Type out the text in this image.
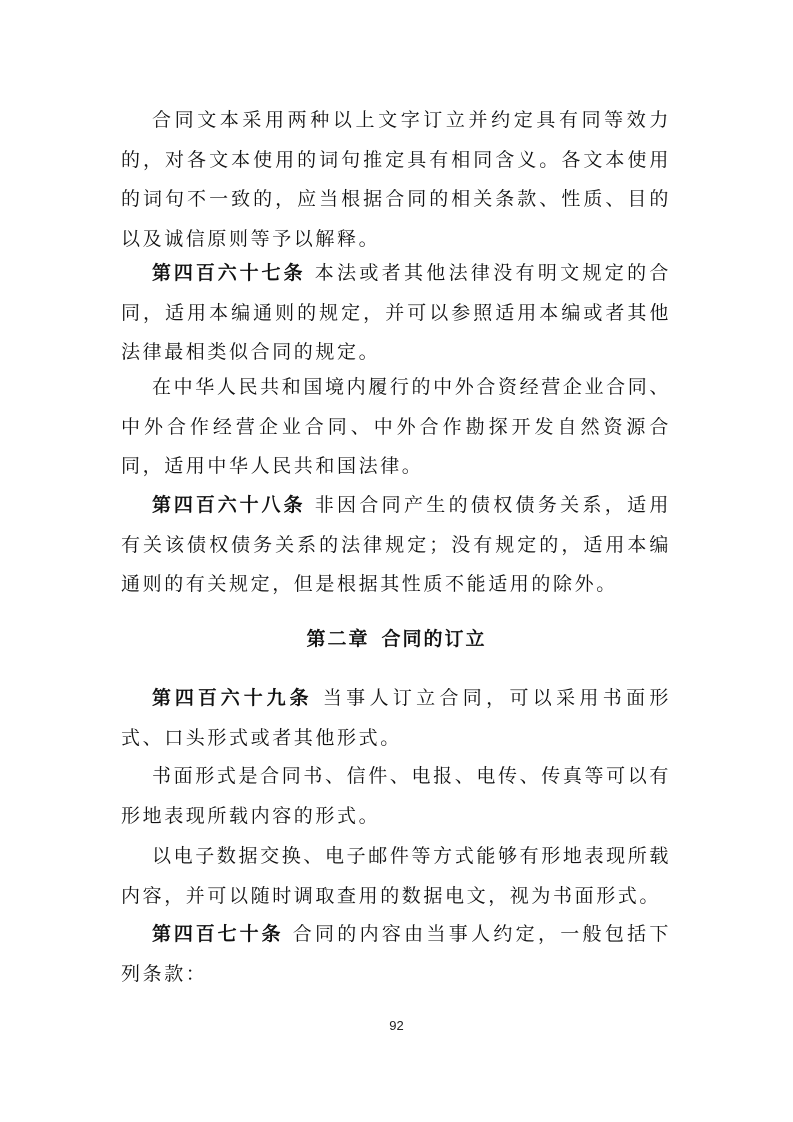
合同文本采用两种以上文字订立并约定具有同等效力的，对各文本使用的词句推定具有相同含义。各文本使用的词句不一致的，应当根据合同的相关条款、性质、目的以及诚信原则等予以解释。

第四百六十七条 本法或者其他法律没有明文规定的合同，适用本编通则的规定，并可以参照适用本编或者其他法律最相类似合同的规定。

在中华人民共和国境内履行的中外合资经营企业合同、中外合作经营企业合同、中外合作勘探开发自然资源合同，适用中华人民共和国法律。

第四百六十八条 非因合同产生的债权债务关系，适用有关该债权债务关系的法律规定；没有规定的，适用本编通则的有关规定，但是根据其性质不能适用的除外。

第二章 合同的订立

第四百六十九条 当事人订立合同，可以采用书面形式、口头形式或者其他形式。

书面形式是合同书、信件、电报、电传、传真等可以有形地表现所载内容的形式。

以电子数据交换、电子邮件等方式能够有形地表现所载内容，并可以随时调取查用的数据电文，视为书面形式。

第四百七十条 合同的内容由当事人约定，一般包括下列条款：

92
